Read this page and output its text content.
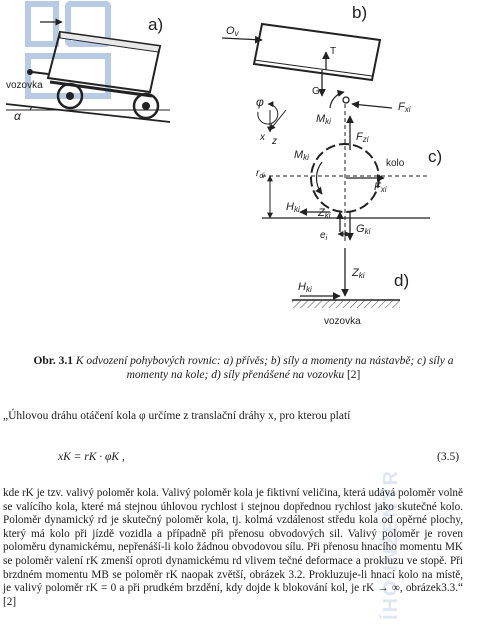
ÍHO INŽENÝR
vozovka
α
a)	Ov
T
G
Fxi
Mki
b)
φ
x z
$r_{di}$
Fzi
Mki
kolo
Fxi
Hki Zki
$e_i$
Gki
c)
Zki
Hki
vozovka
d)
Obr. 3.1 K odvození pohybových rovnic: a) přívěs; b) síly a momenty na nástavbě; c) síly a momenty na kole; d) síly přenášené na vozovku [2]
„Úhlovou dráhu otáčení kola φ určíme z translační dráhy x, pro kterou platí
xK = rK · φK ,	(3.5)
kde rK je tzv. valivý poloměr kola. Valivý poloměr kola je fiktivní veličina, která udává poloměr volně se valícího kola, které má stejnou úhlovou rychlost i stejnou dopřednou rychlost jako skutečné kolo. Poloměr dynamický rd je skutečný poloměr kola, tj. kolmá vzdálenost středu kola od opěrné plochy, který má kolo při jízdě vozidla a případně při přenosu obvodových sil. Valivý poloměr je roven poloměru dynamickému, nepřenáší-li kolo žádnou obvodovou sílu. Při přenosu hnacího momentu MK se poloměr valení rK zmenší oproti dynamickému rd vlivem tečné deformace a prokluzu ve stopě. Při brzdném momentu MB se poloměr rK naopak zvětší, obrázek 3.2. Prokluzuje-li hnací kolo na místě, je valivý poloměr rK = 0 a při prudkém brzdění, kdy dojde k blokování kol, je rK → ∞, obrázek3.3.“ [2]
